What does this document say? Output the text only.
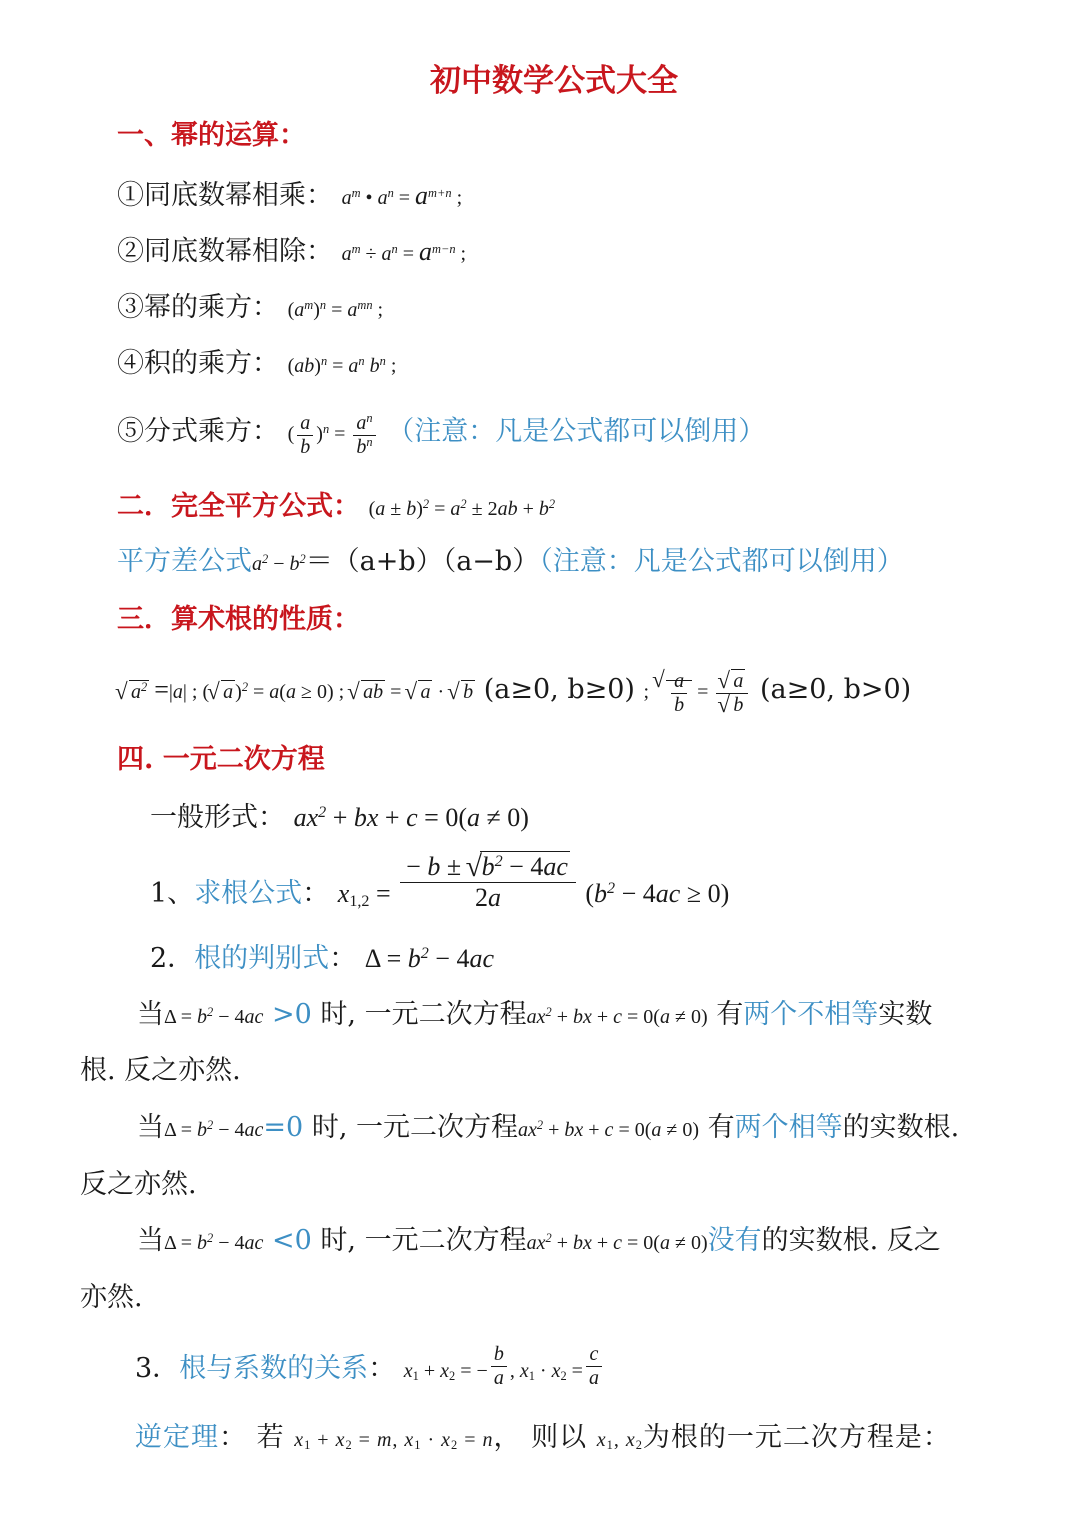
初中数学公式大全
一、幂的运算：
①同底数幂相乘： $a^m$ • $a^n = a^{m+n}$ ;
②同底数幂相除： $a^m \div a^n = a^{m-n}$ ;
③幂的乘方： $(a^m)^n = a^{mn}$ ;
④积的乘方： $(ab)^n = a^n$ $b^n$ ;
⑤分式乘方： ( $\frac{a}{b} )^n = \frac{a^n}{b^n}$ （注意：凡是公式都可以倒用）
二．完全平方公式： $(a \pm b)^2 = a^2 \pm 2ab + b^2$
平方差公式$a^2 - b^2=(a+b)(a-b)$（注意：凡是公式都可以倒用）
三．算术根的性质：
√ $a^2 =|a|$ ; ( √ a )$^2$ = a(a ≥ 0) ; √ ab = √ a · √ b (a≥0, b≥0) ; √ $\frac{a}{b}$ = √ a
√ b (a≥0, b>0)
四. 一元二次方程
一般形式： $ax^2$ + bx + c = 0(a ≠ 0)
1、求根公式： $x_{1,2} = \frac{- b \pm √ b^2 - 4ac}{2a} (b^2 - 4ac \ge 0)$
2．根的判别式： $\Delta = b^2 - 4ac$
当$\Delta = b^2 - 4ac >0$ 时, 一元二次方程$ax^2$ + bx + c = 0(a ≠ 0) 有两个不相等实数
根. 反之亦然.
当$\Delta = b^2 - 4ac=0$ 时, 一元二次方程$ax^2$ + bx + c = 0(a ≠ 0) 有两个相等的实数根.
反之亦然.
当$\Delta = b^2 - 4ac <0$ 时, 一元二次方程$ax^2$ + bx + c = 0(a ≠ 0)没有的实数根. 反之
亦然.
3．根与系数的关系： $x_1 + x_2$ = − $\frac{b}{a}$ , $x_1 \cdot x_2 = \frac{c}{a}$
逆定理： 若 $x_1 + x_2 = m$, $x_1 \cdot x_2 = n$， 则以 $x_1$, $x_2$为根的一元二次方程是：
